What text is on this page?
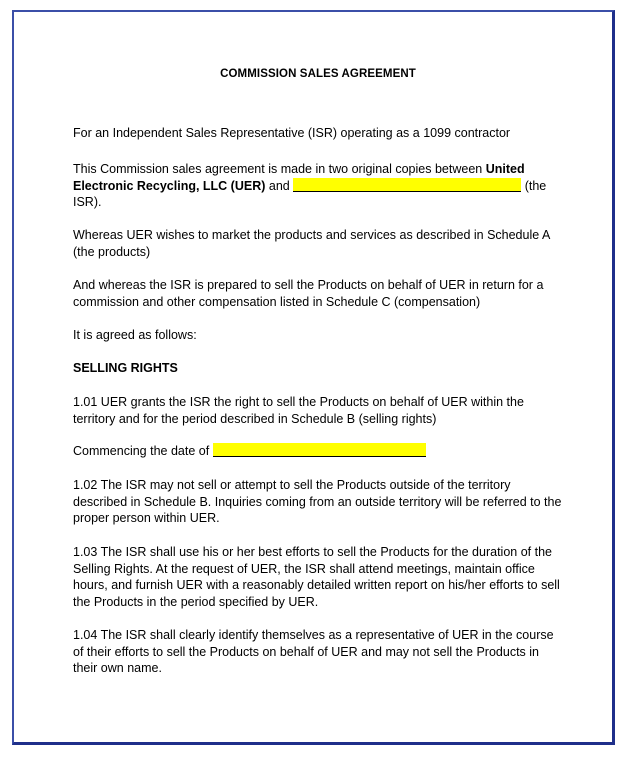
COMMISSION SALES AGREEMENT

For an Independent Sales Representative (ISR) operating as a 1099 contractor

This Commission sales agreement is made in two original copies between United Electronic Recycling, LLC (UER) and	(the ISR).

Whereas UER wishes to market the products and services as described in Schedule A (the products)

And whereas the ISR is prepared to sell the Products on behalf of UER in return for a commission and other compensation listed in Schedule C (compensation)

It is agreed as follows:

SELLING RIGHTS

1.01 UER grants the ISR the right to sell the Products on behalf of UER within the territory and for the period described in Schedule B (selling rights)

Commencing the date of

1.02 The ISR may not sell or attempt to sell the Products outside of the territory described in Schedule B. Inquiries coming from an outside territory will be referred to the proper person within UER.

1.03 The ISR shall use his or her best efforts to sell the Products for the duration of the Selling Rights. At the request of UER, the ISR shall attend meetings, maintain office hours, and furnish UER with a reasonably detailed written report on his/her efforts to sell the Products in the period specified by UER.

1.04 The ISR shall clearly identify themselves as a representative of UER in the course of their efforts to sell the Products on behalf of UER and may not sell the Products in their own name.
